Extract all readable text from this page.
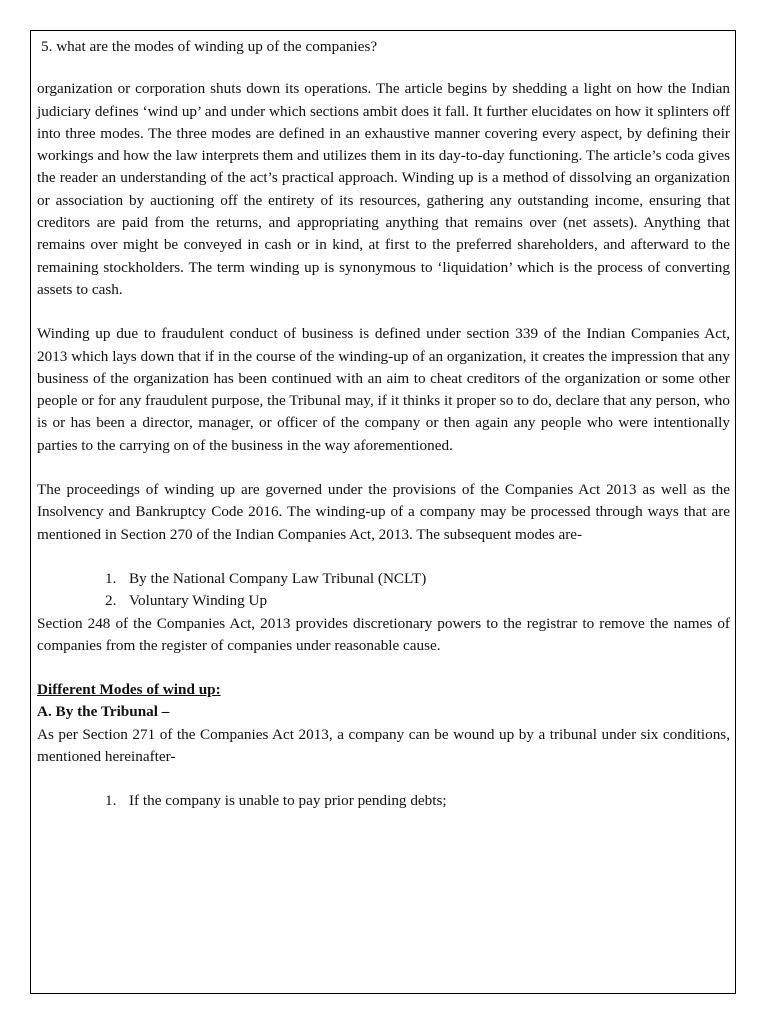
5. what are the modes of winding up of the companies?

organization or corporation shuts down its operations. The article begins by shedding a light on how the Indian judiciary defines ‘wind up’ and under which sections ambit does it fall. It further elucidates on how it splinters off into three modes. The three modes are defined in an exhaustive manner covering every aspect, by defining their workings and how the law interprets them and utilizes them in its day-to-day functioning. The article’s coda gives the reader an understanding of the act’s practical approach. Winding up is a method of dissolving an organization or association by auctioning off the entirety of its resources, gathering any outstanding income, ensuring that creditors are paid from the returns, and appropriating anything that remains over (net assets). Anything that remains over might be conveyed in cash or in kind, at first to the preferred shareholders, and afterward to the remaining stockholders. The term winding up is synonymous to ‘liquidation’ which is the process of converting assets to cash.

Winding up due to fraudulent conduct of business is defined under section 339 of the Indian Companies Act, 2013 which lays down that if in the course of the winding-up of an organization, it creates the impression that any business of the organization has been continued with an aim to cheat creditors of the organization or some other people or for any fraudulent purpose, the Tribunal may, if it thinks it proper so to do, declare that any person, who is or has been a director, manager, or officer of the company or then again any people who were intentionally parties to the carrying on of the business in the way aforementioned.

The proceedings of winding up are governed under the provisions of the Companies Act 2013 as well as the Insolvency and Bankruptcy Code 2016. The winding-up of a company may be processed through ways that are mentioned in Section 270 of the Indian Companies Act, 2013. The subsequent modes are-

1. By the National Company Law Tribunal (NCLT)
2. Voluntary Winding Up

Section 248 of the Companies Act, 2013 provides discretionary powers to the registrar to remove the names of companies from the register of companies under reasonable cause.

Different Modes of wind up:

A. By the Tribunal –

As per Section 271 of the Companies Act 2013, a company can be wound up by a tribunal under six conditions, mentioned hereinafter-

1. If the company is unable to pay prior pending debts;
